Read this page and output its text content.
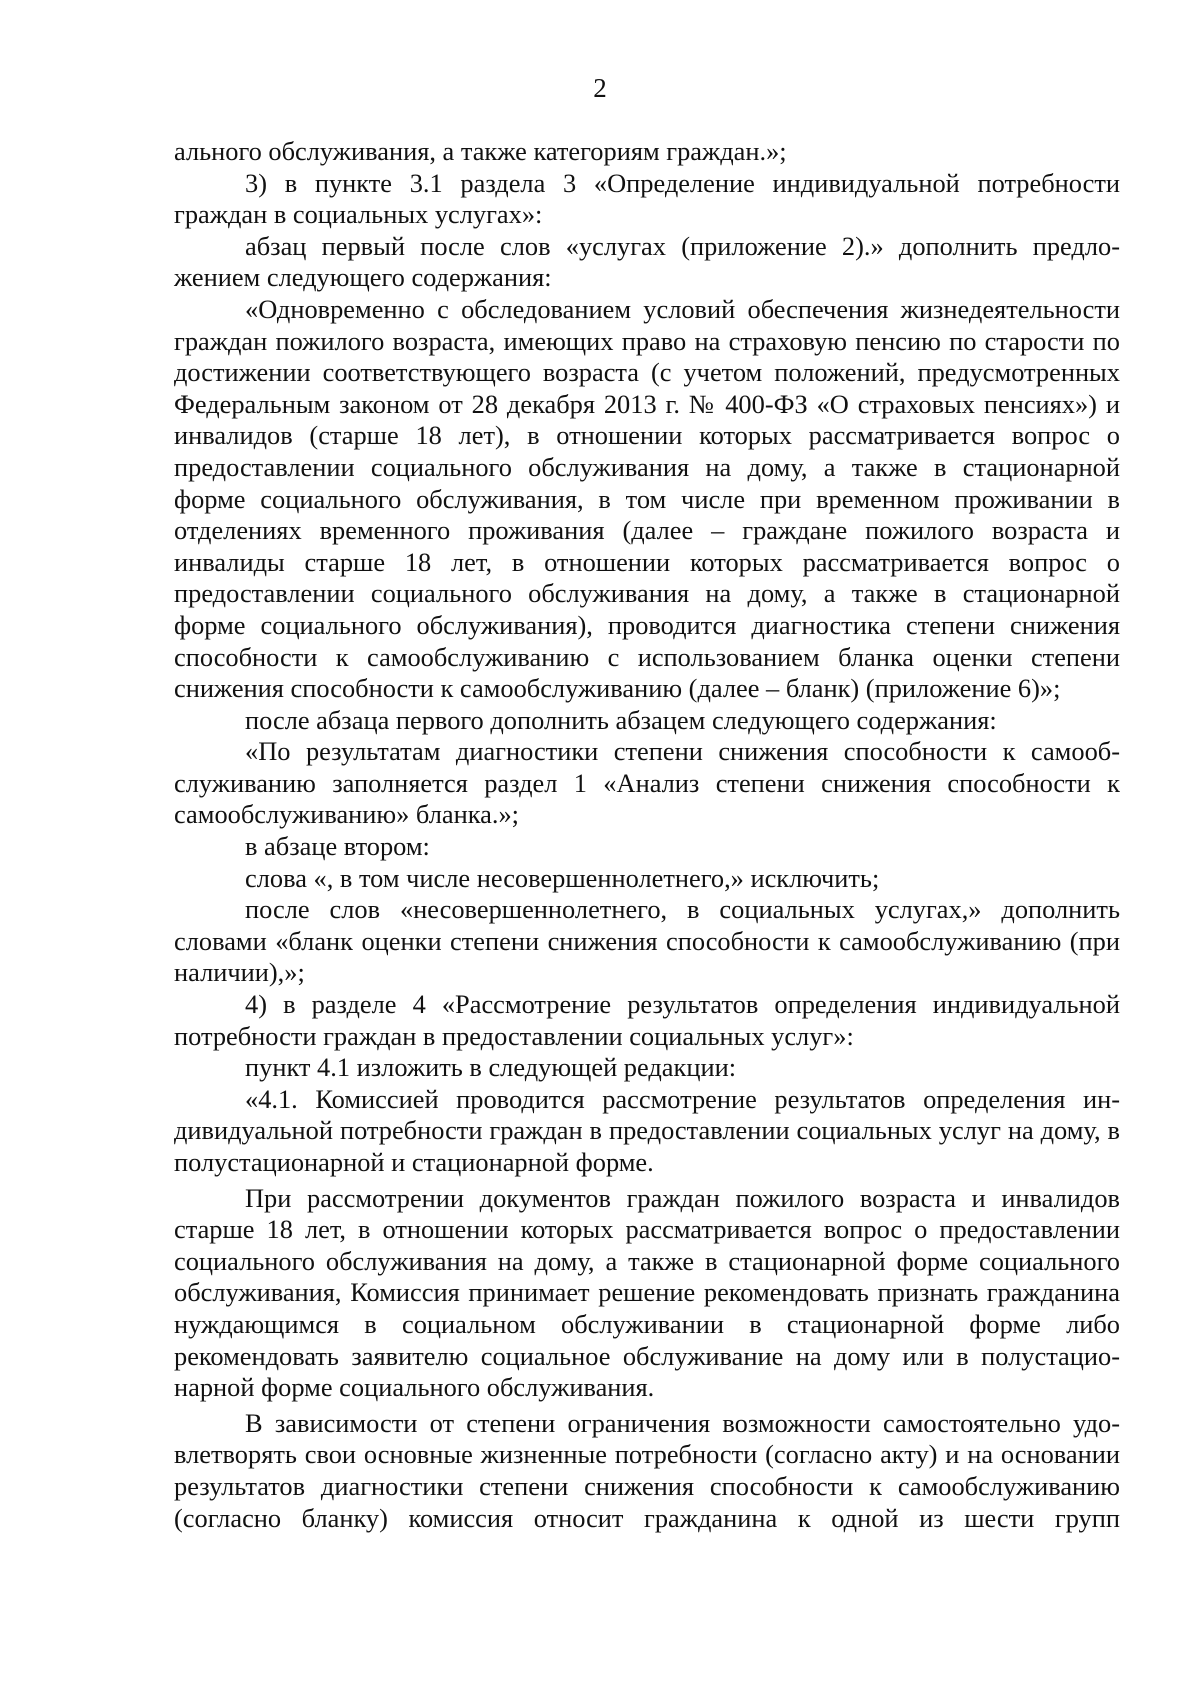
2

ального обслуживания, а также категориям граждан.»;

3) в пункте 3.1 раздела 3 «Определение индивидуальной потребности граждан в социальных услугах»:

абзац первый после слов «услугах (приложение 2).» дополнить предложением следующего содержания:

«Одновременно с обследованием условий обеспечения жизнедеятельности граждан пожилого возраста, имеющих право на страховую пенсию по старости по достижении соответствующего возраста (с учетом положений, предусмотренных Федеральным законом от 28 декабря 2013 г. № 400-ФЗ «О страховых пенсиях») и инвалидов (старше 18 лет), в отношении которых рассматривается вопрос о предоставлении социального обслуживания на дому, а также в стационарной форме социального обслуживания, в том числе при временном проживании в отделениях временного проживания (далее – граждане пожилого возраста и инвалиды старше 18 лет, в отношении которых рассматривается вопрос о предоставлении социального обслуживания на дому, а также в стационарной форме социального обслуживания), проводится диагностика степени снижения способности к самообслуживанию с использованием бланка оценки степени снижения способности к самообслуживанию (далее – бланк) (приложение 6)»;

после абзаца первого дополнить абзацем следующего содержания:

«По результатам диагностики степени снижения способности к самообслуживанию заполняется раздел 1 «Анализ степени снижения способности к самообслуживанию» бланка.»;

в абзаце втором:

слова «, в том числе несовершеннолетнего,» исключить;

после слов «несовершеннолетнего, в социальных услугах,» дополнить словами «бланк оценки степени снижения способности к самообслуживанию (при наличии),»;

4) в разделе 4 «Рассмотрение результатов определения индивидуальной потребности граждан в предоставлении социальных услуг»:

пункт 4.1 изложить в следующей редакции:

«4.1. Комиссией проводится рассмотрение результатов определения индивидуальной потребности граждан в предоставлении социальных услуг на дому, в полустационарной и стационарной форме.

При рассмотрении документов граждан пожилого возраста и инвалидов старше 18 лет, в отношении которых рассматривается вопрос о предоставлении социального обслуживания на дому, а также в стационарной форме социального обслуживания, Комиссия принимает решение рекомендовать признать гражданина нуждающимся в социальном обслуживании в стационарной форме либо рекомендовать заявителю социальное обслуживание на дому или в полустационарной форме социального обслуживания.

В зависимости от степени ограничения возможности самостоятельно удовлетворять свои основные жизненные потребности (согласно акту) и на основании результатов диагностики степени снижения способности к самообслуживанию (согласно бланку) комиссия относит гражданина к одной из шести групп
